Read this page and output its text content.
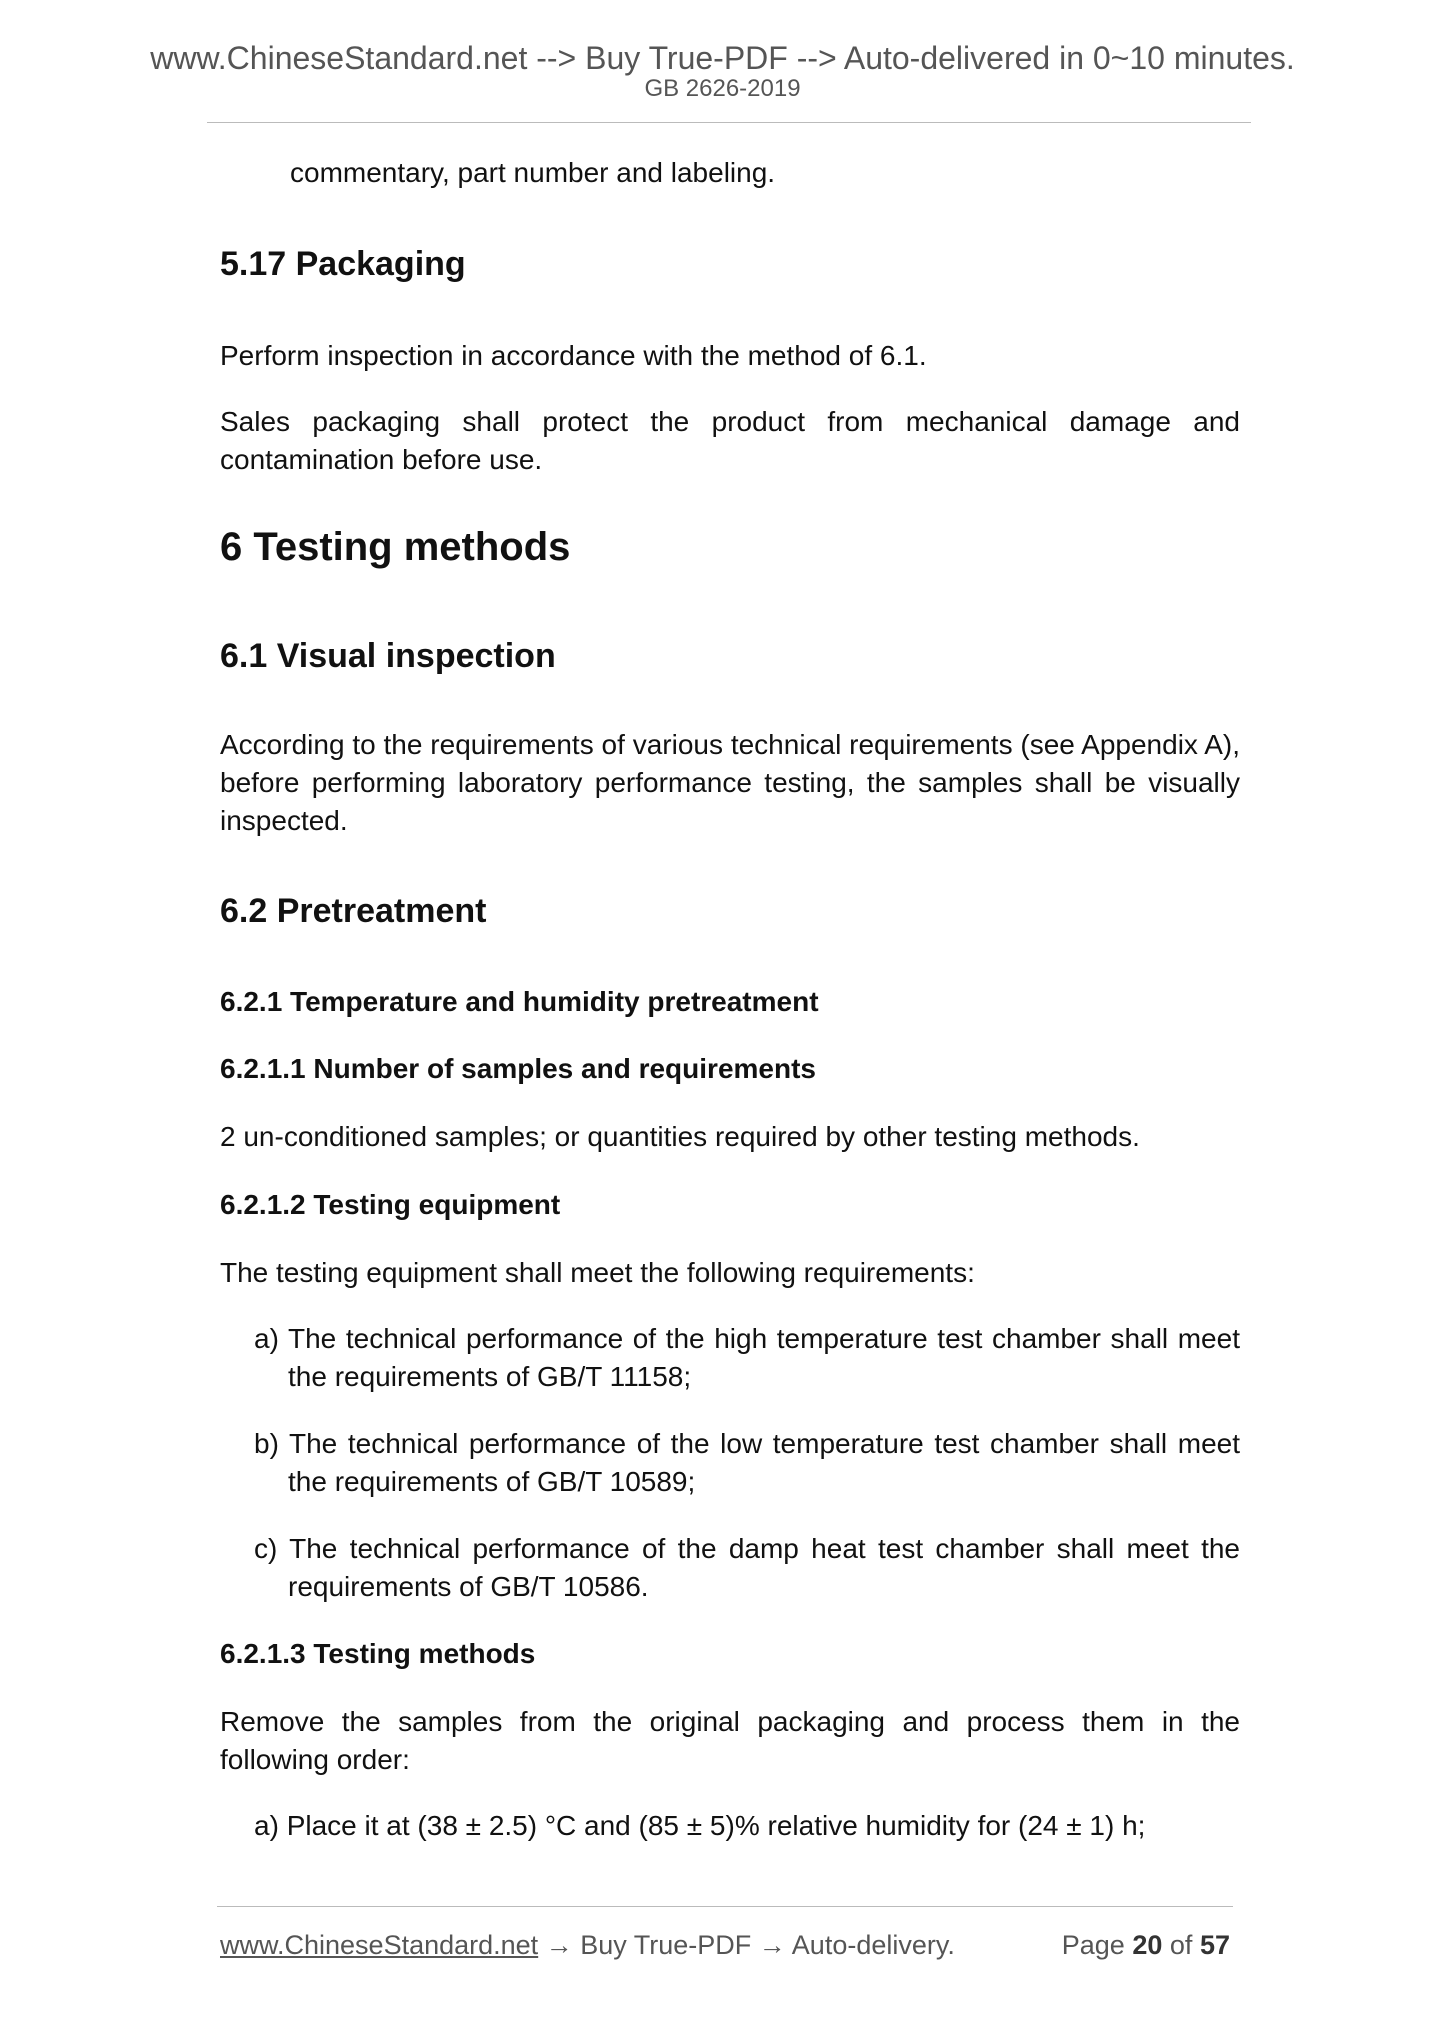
www.ChineseStandard.net --> Buy True-PDF --> Auto-delivered in 0~10 minutes.
GB 2626-2019
commentary, part number and labeling.
5.17 Packaging
Perform inspection in accordance with the method of 6.1.
Sales packaging shall protect the product from mechanical damage and contamination before use.
6 Testing methods
6.1 Visual inspection
According to the requirements of various technical requirements (see Appendix A), before performing laboratory performance testing, the samples shall be visually inspected.
6.2 Pretreatment
6.2.1 Temperature and humidity pretreatment
6.2.1.1 Number of samples and requirements
2 un-conditioned samples; or quantities required by other testing methods.
6.2.1.2 Testing equipment
The testing equipment shall meet the following requirements:
a) The technical performance of the high temperature test chamber shall meet the requirements of GB/T 11158;
b) The technical performance of the low temperature test chamber shall meet the requirements of GB/T 10589;
c) The technical performance of the damp heat test chamber shall meet the requirements of GB/T 10586.
6.2.1.3 Testing methods
Remove the samples from the original packaging and process them in the following order:
a) Place it at (38 ± 2.5) °C and (85 ± 5)% relative humidity for (24 ± 1) h;
www.ChineseStandard.net → Buy True-PDF → Auto-delivery.	Page 20 of 57
